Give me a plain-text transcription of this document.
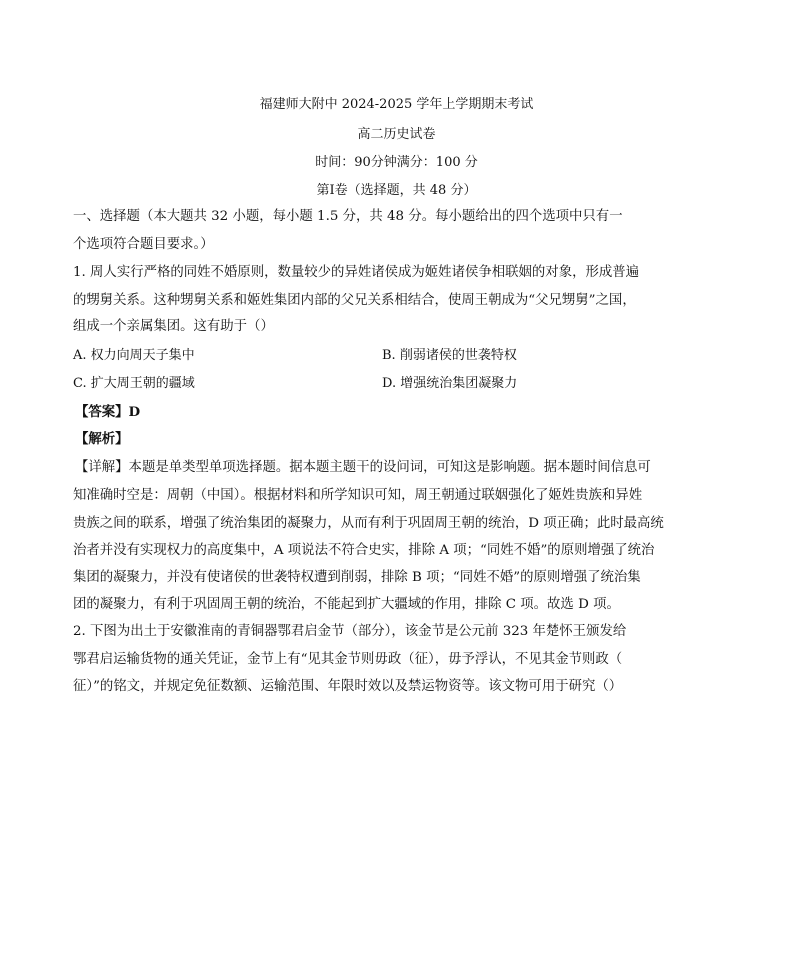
福建师大附中 2024-2025 学年上学期期末考试
高二历史试卷
时间：90分钟满分：100 分
第Ⅰ卷（选择题，共 48 分）
一、选择题（本大题共 32 小题，每小题 1.5 分，共 48 分。每小题给出的四个选项中只有一
个选项符合题目要求。）
1. 周人实行严格的同姓不婚原则，数量较少的异姓诸侯成为姬姓诸侯争相联姻的对象，形成普遍
的甥舅关系。这种甥舅关系和姬姓集团内部的父兄关系相结合，使周王朝成为“父兄甥舅”之国，
组成一个亲属集团。这有助于（）
A. 权力向周天子集中	B. 削弱诸侯的世袭特权
C. 扩大周王朝的疆域	D. 增强统治集团凝聚力
【答案】D
【解析】
【详解】本题是单类型单项选择题。据本题主题干的设问词，可知这是影响题。据本题时间信息可
知准确时空是：周朝（中国）。根据材料和所学知识可知，周王朝通过联姻强化了姬姓贵族和异姓
贵族之间的联系，增强了统治集团的凝聚力，从而有利于巩固周王朝的统治，D 项正确；此时最高统
治者并没有实现权力的高度集中，A 项说法不符合史实，排除 A 项；“同姓不婚”的原则增强了统治
集团的凝聚力，并没有使诸侯的世袭特权遭到削弱，排除 B 项；“同姓不婚”的原则增强了统治集
团的凝聚力，有利于巩固周王朝的统治，不能起到扩大疆域的作用，排除 C 项。故选 D 项。
2. 下图为出土于安徽淮南的青铜器鄂君启金节（部分），该金节是公元前 323 年楚怀王颁发给
鄂君启运输货物的通关凭证，金节上有“见其金节则毋政（征），毋予浮认，不见其金节则政（
征）”的铭文，并规定免征数额、运输范围、年限时效以及禁运物资等。该文物可用于研究（）
